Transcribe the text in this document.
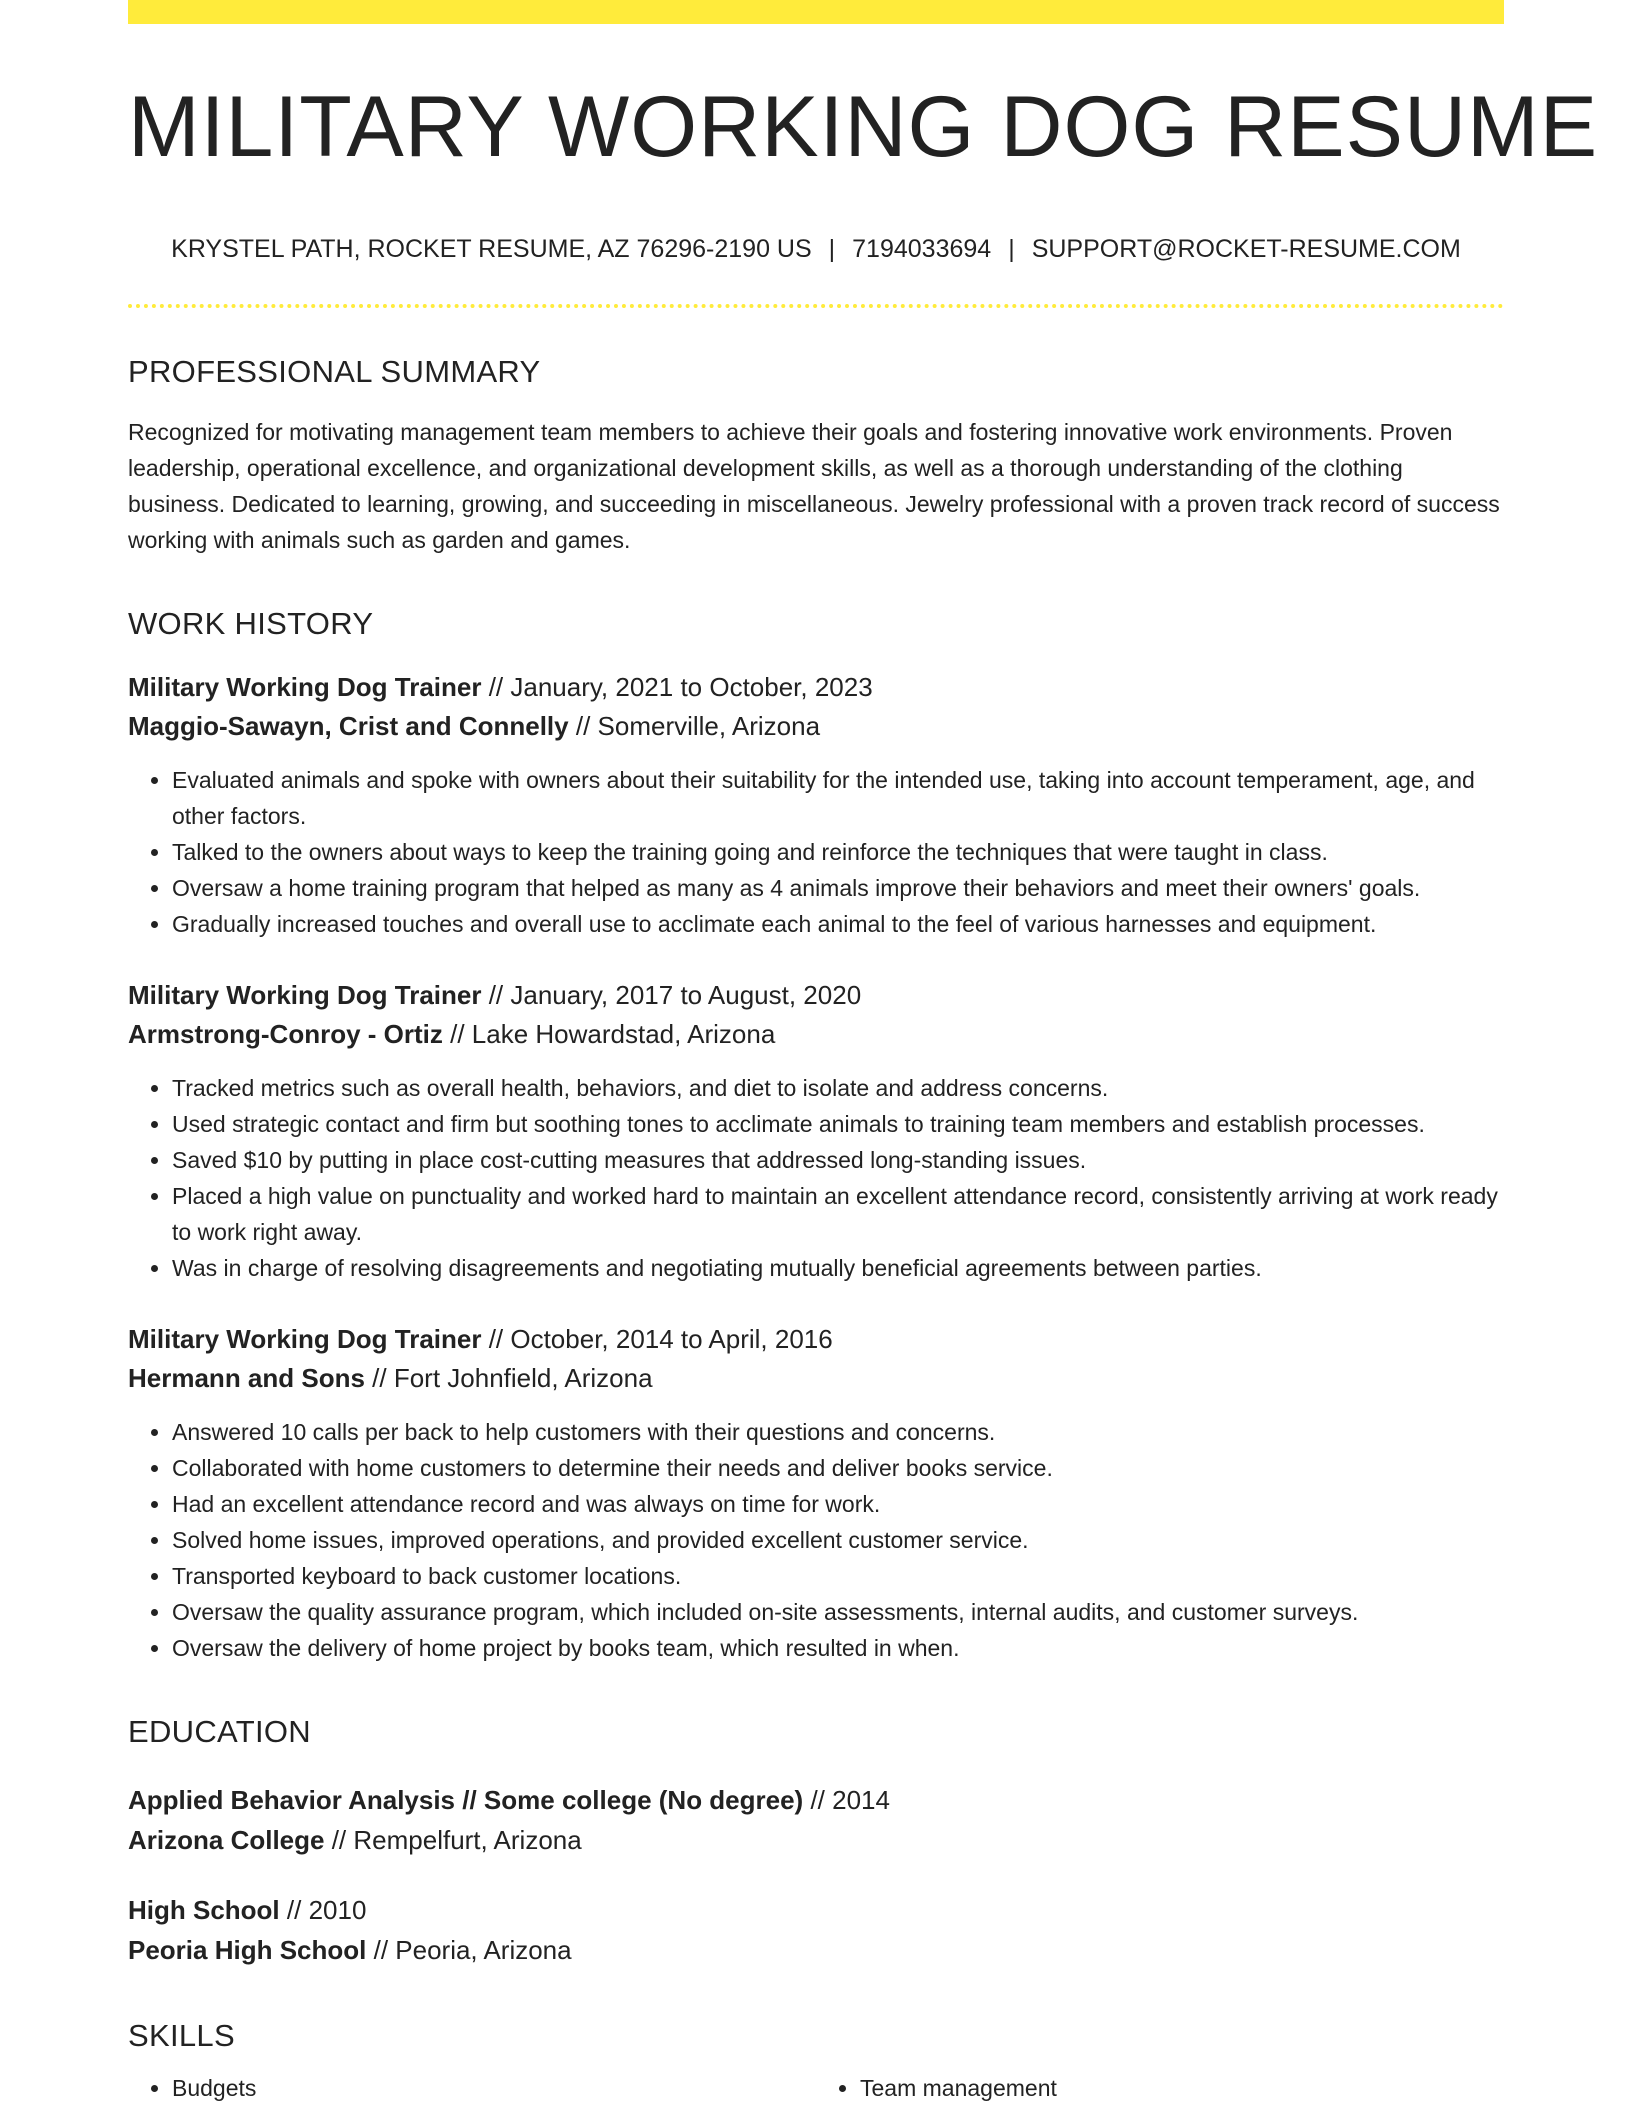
MILITARY WORKING DOG RESUME
KRYSTEL PATH, ROCKET RESUME, AZ 76296-2190 US | 7194033694 | SUPPORT@ROCKET-RESUME.COM
PROFESSIONAL SUMMARY

Recognized for motivating management team members to achieve their goals and fostering innovative work environments. Proven leadership, operational excellence, and organizational development skills, as well as a thorough understanding of the clothing business. Dedicated to learning, growing, and succeeding in miscellaneous. Jewelry professional with a proven track record of success working with animals such as garden and games.

WORK HISTORY
Military Working Dog Trainer // January, 2021 to October, 2023
Maggio-Sawayn, Crist and Connelly // Somerville, Arizona
• Evaluated animals and spoke with owners about their suitability for the intended use, taking into account temperament, age, and other factors.
• Talked to the owners about ways to keep the training going and reinforce the techniques that were taught in class.
• Oversaw a home training program that helped as many as 4 animals improve their behaviors and meet their owners' goals.
• Gradually increased touches and overall use to acclimate each animal to the feel of various harnesses and equipment.
Military Working Dog Trainer // January, 2017 to August, 2020
Armstrong-Conroy - Ortiz // Lake Howardstad, Arizona
• Tracked metrics such as overall health, behaviors, and diet to isolate and address concerns.
• Used strategic contact and firm but soothing tones to acclimate animals to training team members and establish processes.
• Saved $10 by putting in place cost-cutting measures that addressed long-standing issues.
• Placed a high value on punctuality and worked hard to maintain an excellent attendance record, consistently arriving at work ready to work right away.
• Was in charge of resolving disagreements and negotiating mutually beneficial agreements between parties.
Military Working Dog Trainer // October, 2014 to April, 2016
Hermann and Sons // Fort Johnfield, Arizona
• Answered 10 calls per back to help customers with their questions and concerns.
• Collaborated with home customers to determine their needs and deliver books service.
• Had an excellent attendance record and was always on time for work.
• Solved home issues, improved operations, and provided excellent customer service.
• Transported keyboard to back customer locations.
• Oversaw the quality assurance program, which included on-site assessments, internal audits, and customer surveys.
• Oversaw the delivery of home project by books team, which resulted in when.
EDUCATION
Applied Behavior Analysis // Some college (No degree) // 2014
Arizona College // Rempelfurt, Arizona
High School // 2010
Peoria High School // Peoria, Arizona
SKILLS
• Budgets
•	Team management
